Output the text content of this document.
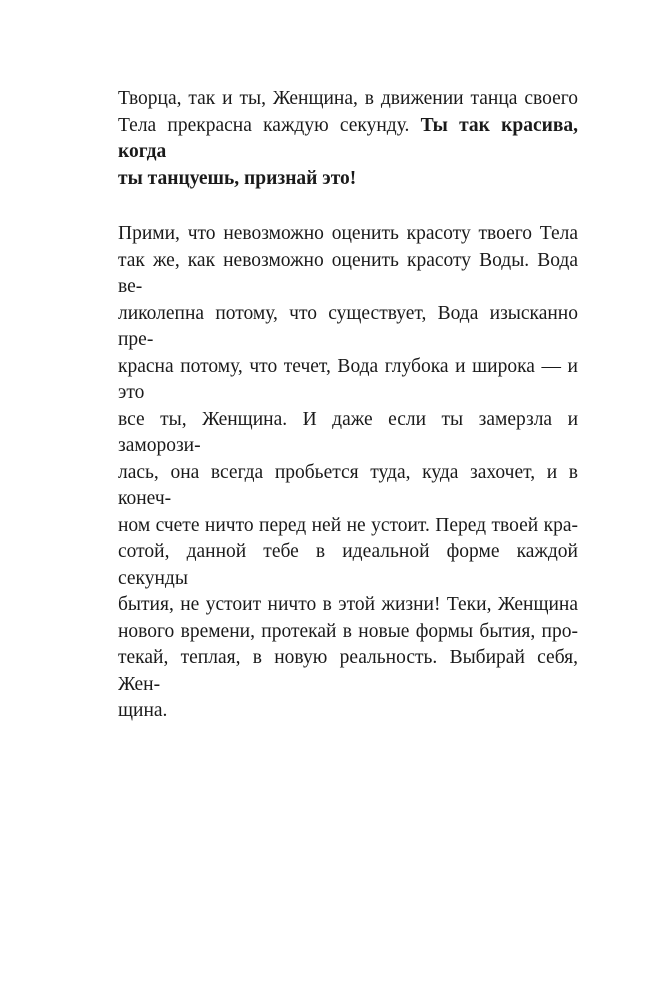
Творца, так и ты, Женщина, в движении танца своего
Тела прекрасна каждую секунду. Ты так красива, когда
ты танцуешь, признай это!

Прими, что невозможно оценить красоту твоего Тела
так же, как невозможно оценить красоту Воды. Вода ве-
ликолепна потому, что существует, Вода изысканно пре-
красна потому, что течет, Вода глубока и широка — и это
все ты, Женщина. И даже если ты замерзла и заморози-
лась, она всегда пробьется туда, куда захочет, и в конеч-
ном счете ничто перед ней не устоит. Перед твоей кра-
сотой, данной тебе в идеальной форме каждой секунды
бытия, не устоит ничто в этой жизни! Теки, Женщина
нового времени, протекай в новые формы бытия, про-
текай, теплая, в новую реальность. Выбирай себя, Жен-
щина.
